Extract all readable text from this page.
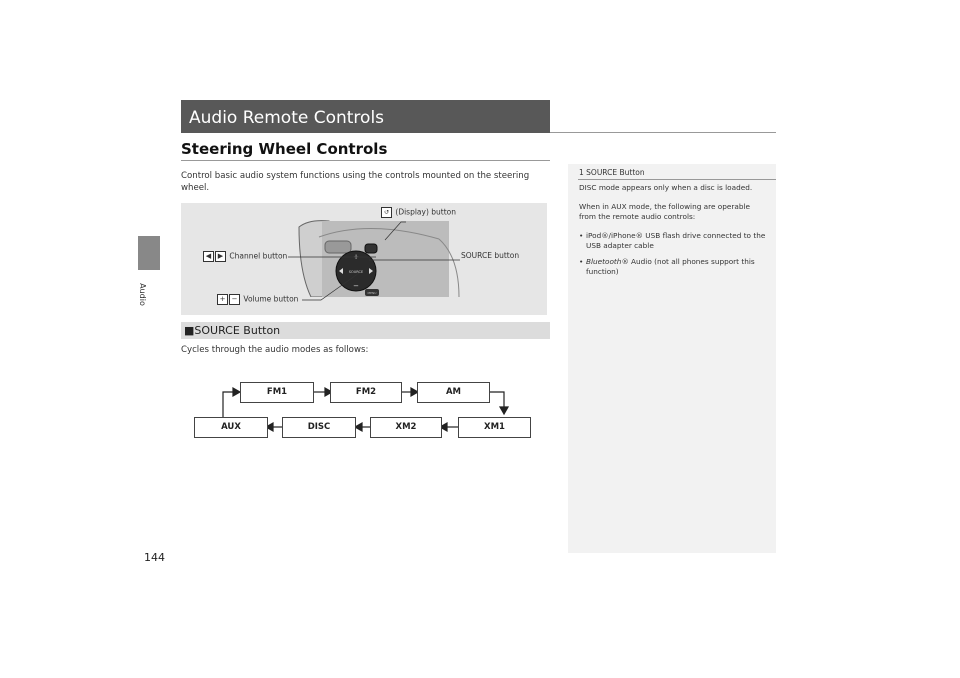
Audio
Audio Remote Controls
Steering Wheel Controls
Control basic audio system functions using the controls mounted on the steering wheel.
SOURCE
+
−
MENU
↺ (Display) button
SOURCE button
◀ ▶ Channel button
+ − Volume button
■SOURCE Button
Cycles through the audio modes as follows:
FM1	FM2	AM
AUX	DISC	XM2	XM1
1 SOURCE Button

DISC mode appears only when a disc is loaded.

When in AUX mode, the following are operable from the remote audio controls:

• iPod®/iPhone® USB flash drive connected to the USB adapter cable
• Bluetooth® Audio (not all phones support this function)
144
